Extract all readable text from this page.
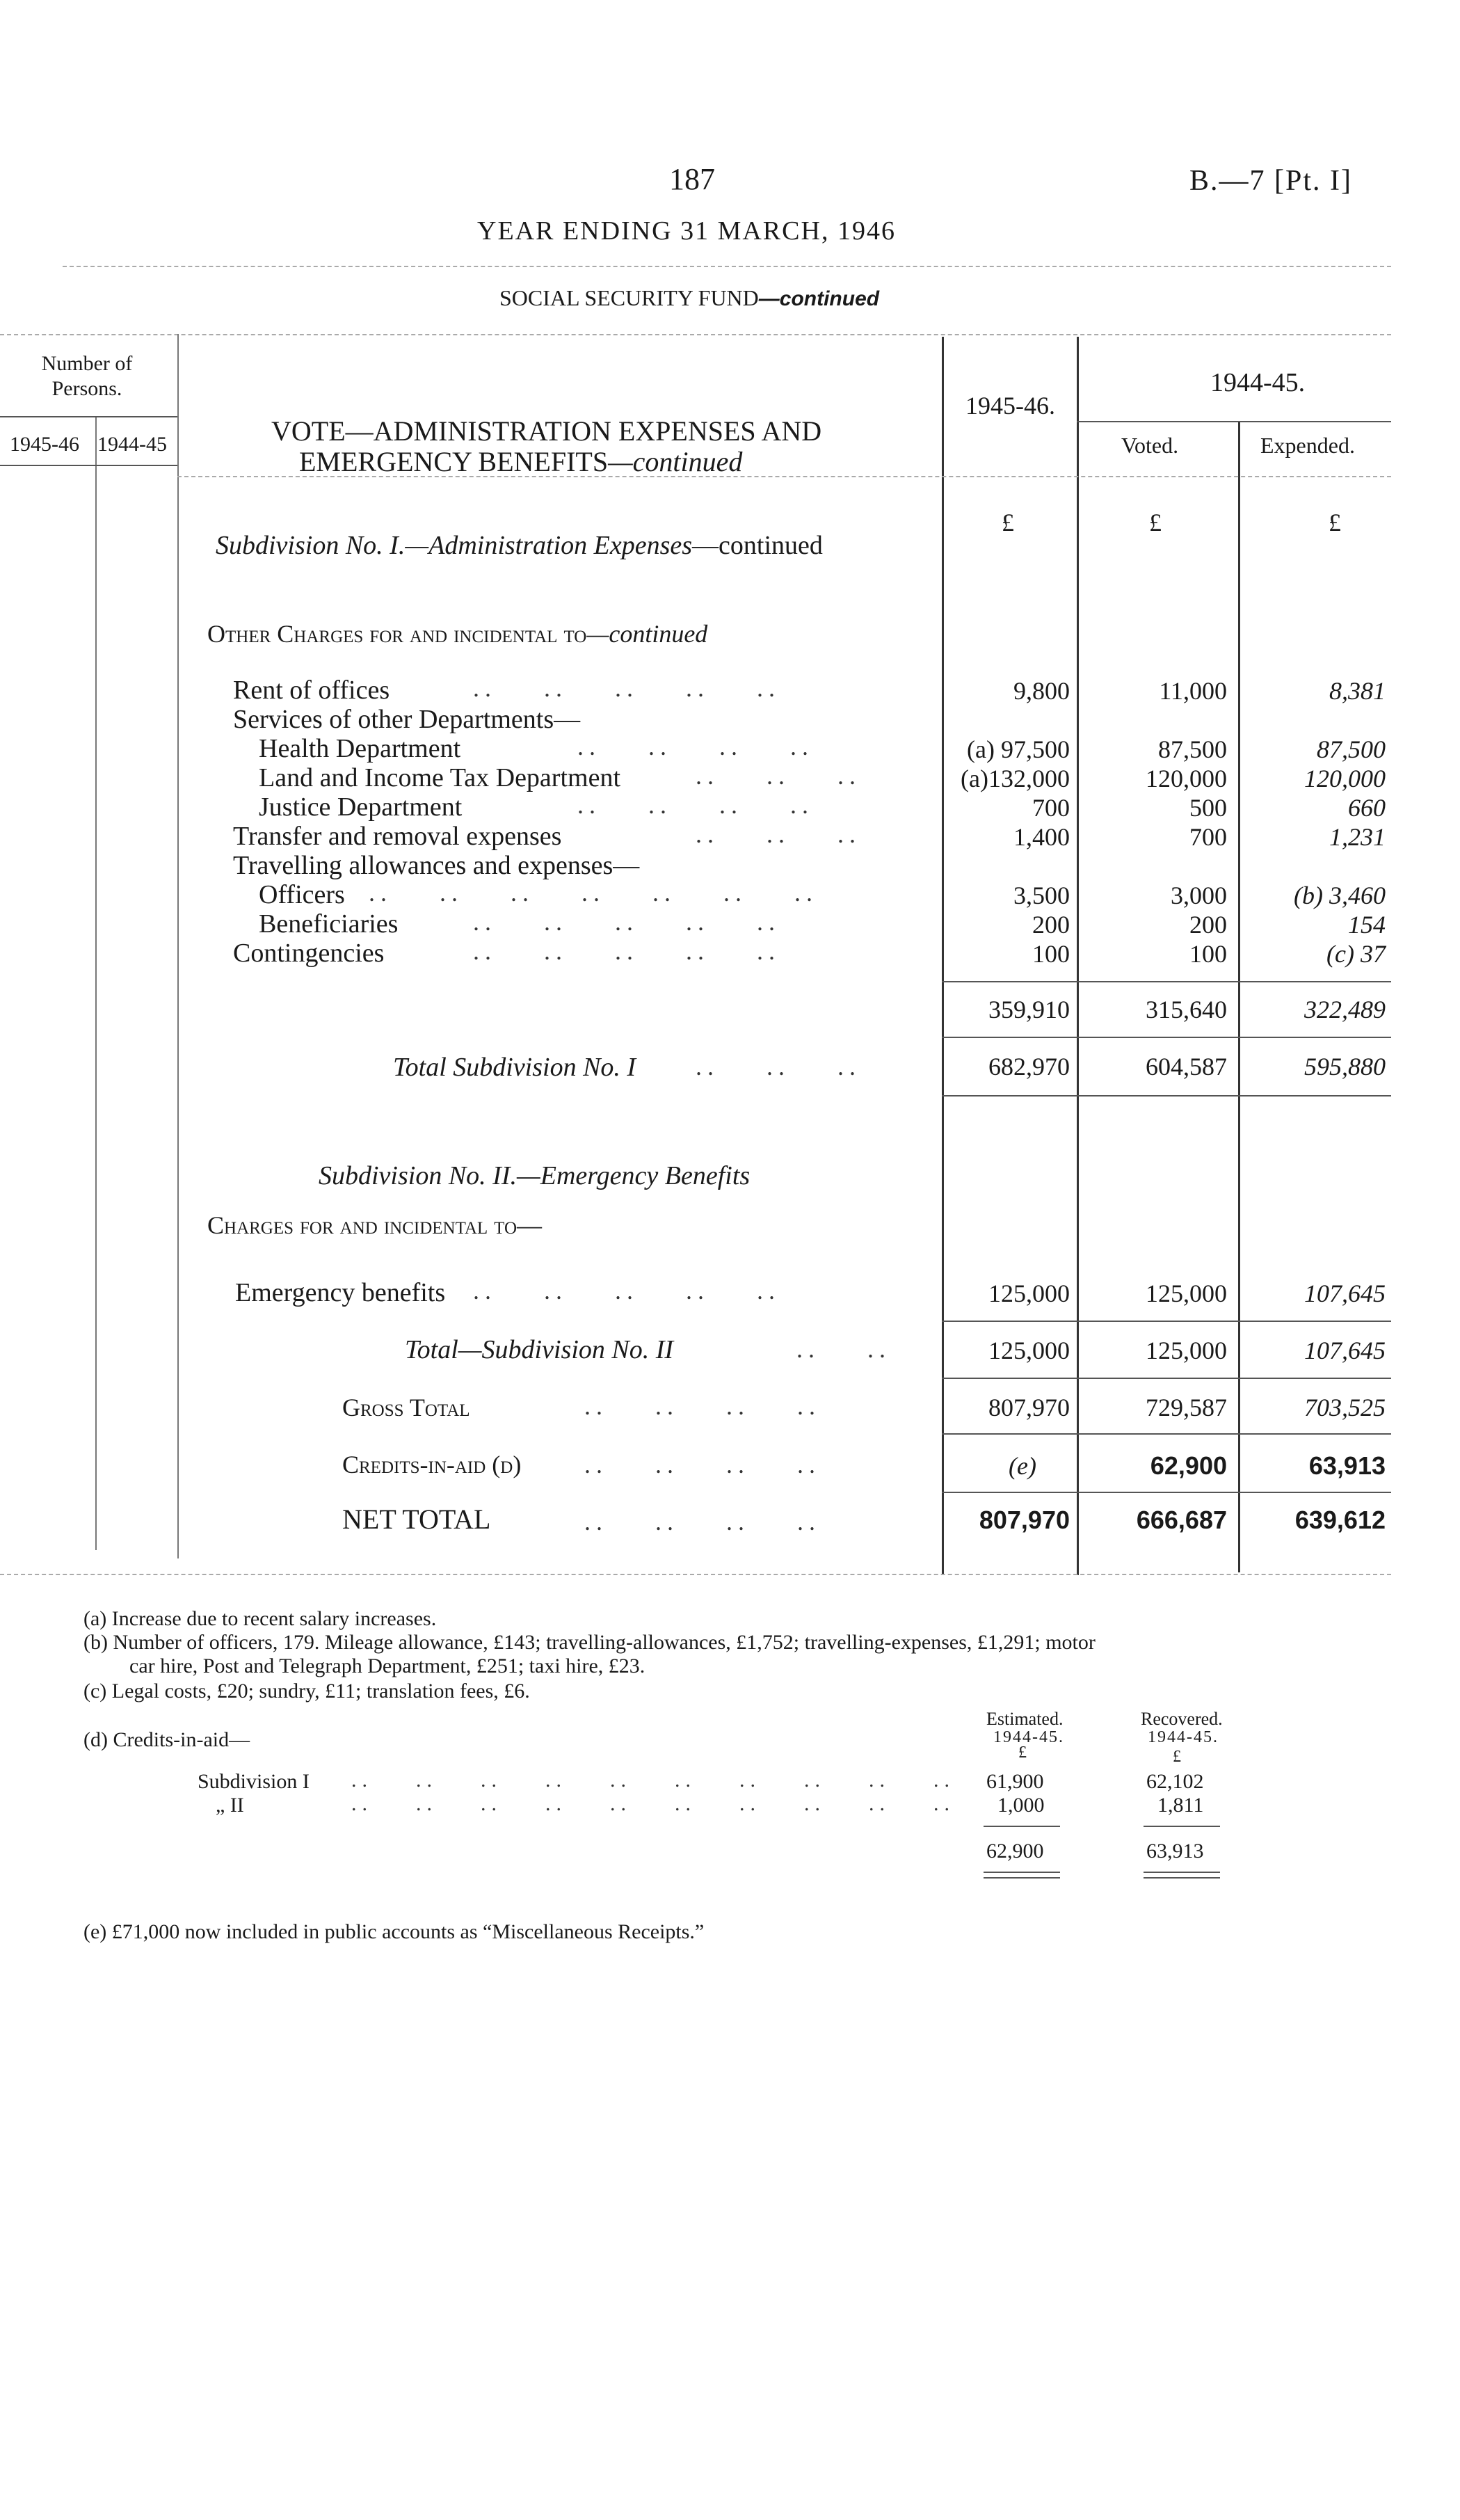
187	B.—7 [Pt. I]
YEAR ENDING 31 MARCH, 1946
SOCIAL SECURITY FUND—continued
Number of Persons.
1945-46 1944-45	VOTE—ADMINISTRATION EXPENSES AND
EMERGENCY BENEFITS—continued
1945-46.
1944-45.
Voted.	Expended.
£	£	£
Subdivision No. I.—Administration Expenses—continued
Other Charges for and incidental to—continued
Rent of offices	..    ..    ..    ..    ..	9,800	11,000	8,381
Services of other Departments—
Health Department	..    ..    ..    ..	(a) 97,500	87,500	87,500
Land and Income Tax Department	..    ..    ..	(a)132,000	120,000	120,000
Justice Department	..    ..    ..    ..	700	500	660
Transfer and removal expenses	..    ..    ..	1,400	700	1,231
Travelling allowances and expenses—
Officers ..    ..    ..    ..    ..    ..    ..	3,500	3,000	(b) 3,460
Beneficiaries	..    ..    ..    ..    ..	200	200	154
Contingencies	..    ..    ..    ..    ..	100	100	(c) 37
359,910	315,640	322,489
Total Subdivision No. I ..    ..    ..	682,970	604,587	595,880
Subdivision No. II.—Emergency Benefits
Charges for and incidental to—
Emergency benefits ..    ..    ..    ..    ..	125,000	125,000	107,645
Total—Subdivision No. II	..    ..	125,000	125,000	107,645
Gross Total	..    ..    ..    ..	807,970	729,587	703,525
Credits-in-aid (d)	..    ..    ..    ..	(e)	62,900	63,913
NET TOTAL	..    ..    ..    ..	807,970	666,687	639,612
(a) Increase due to recent salary increases.
(b) Number of officers, 179. Mileage allowance, £143; travelling-allowances, £1,752; travelling-expenses, £1,291; motor
car hire, Post and Telegraph Department, £251; taxi hire, £23.
(c) Legal costs, £20; sundry, £11; translation fees, £6.
(d) Credits-in-aid—
Estimated.
1944-45.
£
Recovered.
1944-45.
£
Subdivision I ..    ..    ..    ..    ..    ..    ..    ..    ..    .. 61,900	62,102
„ II	..    ..    ..    ..    ..    ..    ..    ..    ..    .. 1,000	1,811
62,900	63,913
(e) £71,000 now included in public accounts as “Miscellaneous Receipts.”
